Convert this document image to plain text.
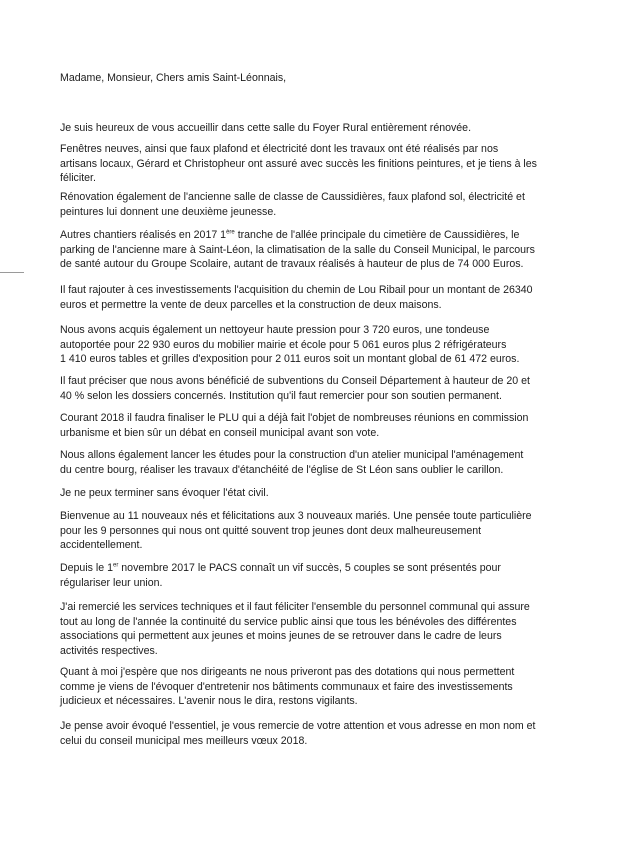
Madame, Monsieur, Chers amis Saint-Léonnais,

Je suis heureux de vous accueillir dans cette salle du Foyer Rural entièrement rénovée.

Fenêtres neuves, ainsi que faux plafond et électricité dont les travaux ont été réalisés par nos
artisans locaux, Gérard et Christopheur ont assuré avec succès les finitions peintures, et je tiens à les
féliciter.

Rénovation également de l'ancienne salle de classe de Caussidières, faux plafond sol, électricité et
peintures lui donnent une deuxième jeunesse.

Autres chantiers réalisés en 2017 1ère tranche de l'allée principale du cimetière de Caussidières, le
parking de l'ancienne mare à Saint-Léon, la climatisation de la salle du Conseil Municipal, le parcours
de santé autour du Groupe Scolaire, autant de travaux réalisés à hauteur de plus de 74 000 Euros.

Il faut rajouter à ces investissements l'acquisition du chemin de Lou Ribail pour un montant de 26340
euros et permettre la vente de deux parcelles et la construction de deux maisons.

Nous avons acquis également un nettoyeur haute pression pour 3 720 euros, une tondeuse
autoportée pour 22 930 euros du mobilier mairie et école pour 5 061 euros plus 2 réfrigérateurs
1 410 euros tables et grilles d'exposition pour 2 011 euros soit un montant global de 61 472 euros.

Il faut préciser que nous avons bénéficié de subventions du Conseil Département à hauteur de 20 et
40 % selon les dossiers concernés. Institution qu'il faut remercier pour son soutien permanent.

Courant 2018 il faudra finaliser le PLU qui a déjà fait l'objet de nombreuses réunions en commission
urbanisme et bien sûr un débat en conseil municipal avant son vote.

Nous allons également lancer les études pour la construction d'un atelier municipal l'aménagement
du centre bourg, réaliser les travaux d'étanchéité de l'église de St Léon sans oublier le carillon.

Je ne peux terminer sans évoquer l'état civil.

Bienvenue au 11 nouveaux nés et félicitations aux 3 nouveaux mariés. Une pensée toute particulière
pour les 9 personnes qui nous ont quitté souvent trop jeunes dont deux malheureusement
accidentellement.

Depuis le 1er novembre 2017 le PACS connaît un vif succès, 5 couples se sont présentés pour
régulariser leur union.

J'ai remercié les services techniques et il faut féliciter l'ensemble du personnel communal qui assure
tout au long de l'année la continuité du service public ainsi que tous les bénévoles des différentes
associations qui permettent aux jeunes et moins jeunes de se retrouver dans le cadre de leurs
activités respectives.

Quant à moi j'espère que nos dirigeants ne nous priveront pas des dotations qui nous permettent
comme je viens de l'évoquer d'entretenir nos bâtiments communaux et faire des investissements
judicieux et nécessaires. L'avenir nous le dira, restons vigilants.

Je pense avoir évoqué l'essentiel, je vous remercie de votre attention et vous adresse en mon nom et
celui du conseil municipal mes meilleurs vœux 2018.
